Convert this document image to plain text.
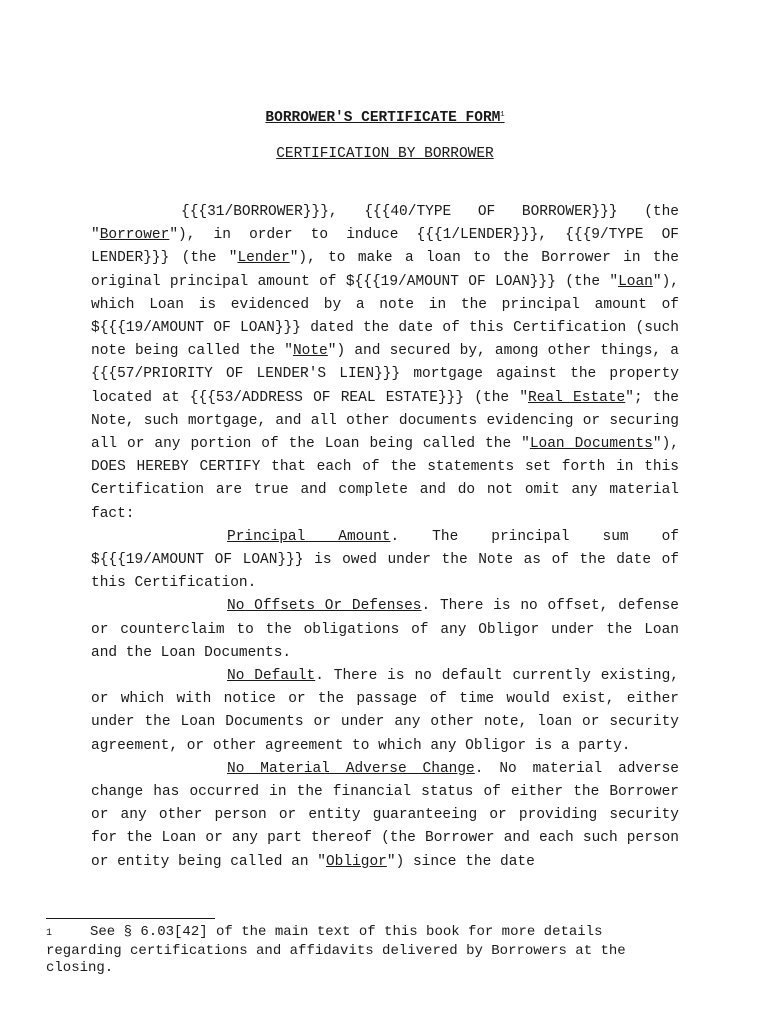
BORROWER'S CERTIFICATE FORM$^1$
CERTIFICATION BY BORROWER

{{{31/BORROWER}}}, {{{40/TYPE OF BORROWER}}} (the "Borrower"), in order to induce {{{1/LENDER}}}, {{{9/TYPE OF LENDER}}} (the "Lender"), to make a loan to the Borrower in the original principal amount of ${{{19/AMOUNT OF LOAN}}} (the "Loan"), which Loan is evidenced by a note in the principal amount of ${{{19/AMOUNT OF LOAN}}} dated the date of this Certification (such note being called the "Note") and secured by, among other things, a {{{57/PRIORITY OF LENDER'S LIEN}}} mortgage against the property located at {{{53/ADDRESS OF REAL ESTATE}}} (the "Real Estate"; the Note, such mortgage, and all other documents evidencing or securing all or any portion of the Loan being called the "Loan Documents"), DOES HEREBY CERTIFY that each of the statements set forth in this Certification are true and complete and do not omit any material fact:

Principal Amount. The principal sum of ${{{19/AMOUNT OF LOAN}}} is owed under the Note as of the date of this Certification.

No Offsets Or Defenses. There is no offset, defense or counterclaim to the obligations of any Obligor under the Loan and the Loan Documents.

No Default. There is no default currently existing, or which with notice or the passage of time would exist, either under the Loan Documents or under any other note, loan or security agreement, or other agreement to which any Obligor is a party.

No Material Adverse Change. No material adverse change has occurred in the financial status of either the Borrower or any other person or entity guaranteeing or providing security for the Loan or any part thereof (the Borrower and each such person or entity being called an "Obligor") since the date

1	See § 6.03[42] of the main text of this book for more details regarding certifications and affidavits delivered by Borrowers at the closing.
